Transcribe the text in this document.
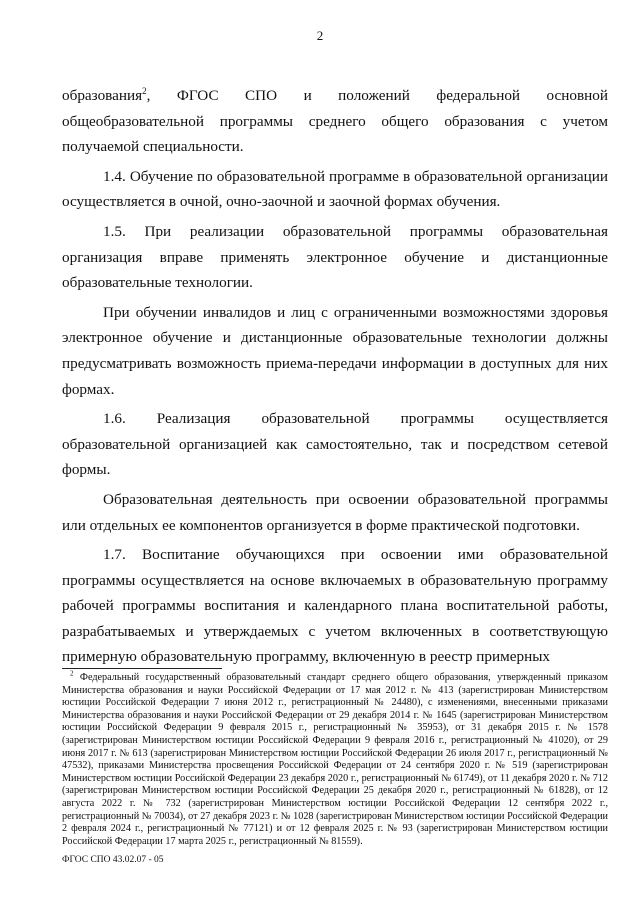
2

образования$^2$, ФГОС СПО и положений федеральной основной общеобразовательной программы среднего общего образования с учетом получаемой специальности.

1.4. Обучение по образовательной программе в образовательной организации осуществляется в очной, очно-заочной и заочной формах обучения.

1.5. При реализации образовательной программы образовательная организация вправе применять электронное обучение и дистанционные образовательные технологии.

При обучении инвалидов и лиц с ограниченными возможностями здоровья электронное обучение и дистанционные образовательные технологии должны предусматривать возможность приема-передачи информации в доступных для них формах.

1.6. Реализация образовательной программы осуществляется образовательной организацией как самостоятельно, так и посредством сетевой формы.

Образовательная деятельность при освоении образовательной программы или отдельных ее компонентов организуется в форме практической подготовки.

1.7. Воспитание обучающихся при освоении ими образовательной программы осуществляется на основе включаемых в образовательную программу рабочей программы воспитания и календарного плана воспитательной работы, разрабатываемых и утверждаемых с учетом включенных в соответствующую примерную образовательную программу, включенную в реестр примерных

$^2$ Федеральный государственный образовательный стандарт среднего общего образования, утвержденный приказом Министерства образования и науки Российской Федерации от 17 мая 2012 г. № 413 (зарегистрирован Министерством юстиции Российской Федерации 7 июня 2012 г., регистрационный № 24480), с изменениями, внесенными приказами Министерства образования и науки Российской Федерации от 29 декабря 2014 г. № 1645 (зарегистрирован Министерством юстиции Российской Федерации 9 февраля 2015 г., регистрационный № 35953), от 31 декабря 2015 г. № 1578 (зарегистрирован Министерством юстиции Российской Федерации 9 февраля 2016 г., регистрационный № 41020), от 29 июня 2017 г. № 613 (зарегистрирован Министерством юстиции Российской Федерации 26 июля 2017 г., регистрационный № 47532), приказами Министерства просвещения Российской Федерации от 24 сентября 2020 г. № 519 (зарегистрирован Министерством юстиции Российской Федерации 23 декабря 2020 г., регистрационный № 61749), от 11 декабря 2020 г. № 712 (зарегистрирован Министерством юстиции Российской Федерации 25 декабря 2020 г., регистрационный № 61828), от 12 августа 2022 г. № 732 (зарегистрирован Министерством юстиции Российской Федерации 12 сентября 2022 г., регистрационный № 70034), от 27 декабря 2023 г. № 1028 (зарегистрирован Министерством юстиции Российской Федерации 2 февраля 2024 г., регистрационный № 77121) и от 12 февраля 2025 г. № 93 (зарегистрирован Министерством юстиции Российской Федерации 17 марта 2025 г., регистрационный № 81559).
ФГОС СПО 43.02.07 - 05
